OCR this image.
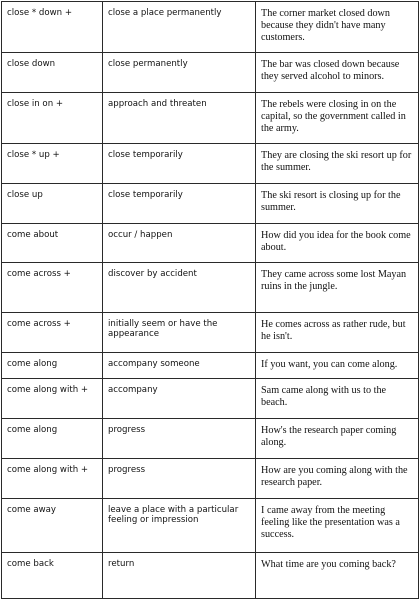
close * down +	close a place permanently	The corner market closed down because they didn't have many customers.
close down	close permanently	The bar was closed down because they served alcohol to minors.
close in on +	approach and threaten	The rebels were closing in on the capital, so the government called in the army.
close * up +	close temporarily	They are closing the ski resort up for the summer.
close up	close temporarily	The ski resort is closing up for the summer.
come about	occur / happen	How did you idea for the book come about.
come across +	discover by accident	They came across some lost Mayan ruins in the jungle.
come across +	initially seem or have the appearance	He comes across as rather rude, but he isn't.
come along	accompany someone	If you want, you can come along.
come along with +	accompany	Sam came along with us to the beach.
come along	progress	How's the research paper coming along.
come along with +	progress	How are you coming along with the research paper.
come away	leave a place with a particular feeling or impression	I came away from the meeting feeling like the presentation was a success.
come back	return	What time are you coming back?
